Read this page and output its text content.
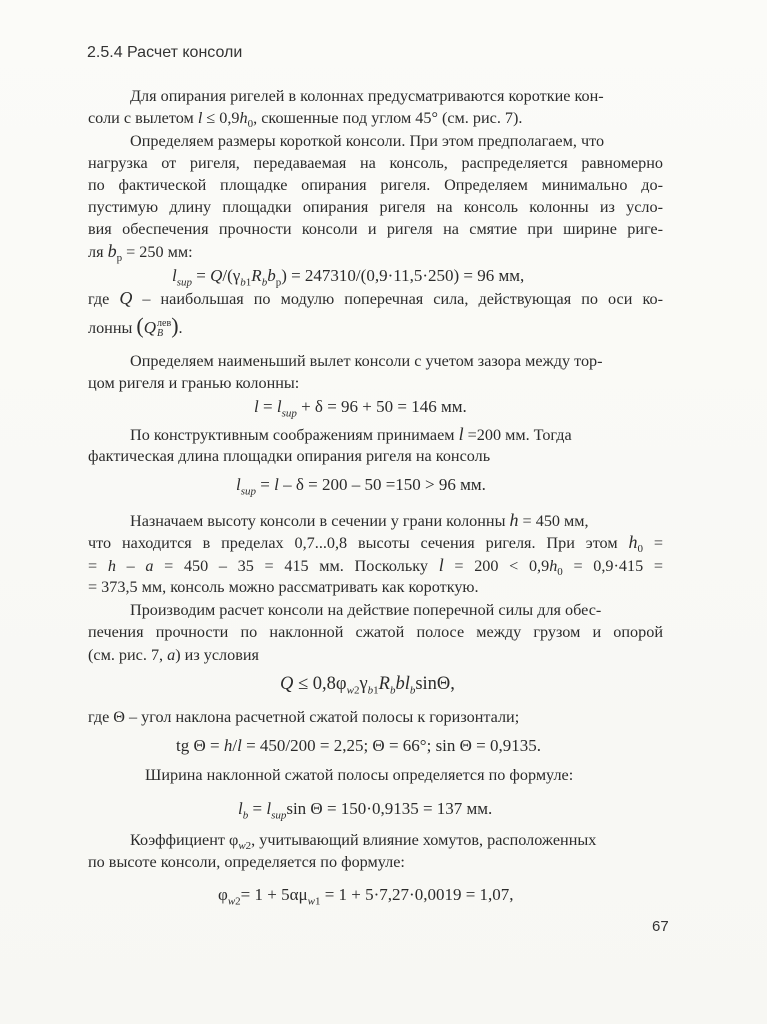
2.5.4 Расчет консоли
Для опирания ригелей в колоннах предусматриваются короткие кон-
соли с вылетом $l \le 0,9h_0$, скошенные под углом 45° (см. рис. 7).
Определяем размеры короткой консоли. При этом предполагаем, что
нагрузка от ригеля, передаваемая на консоль, распределяется равномерно
по фактической площадке опирания ригеля. Определяем минимально до-
пустимую длину площадки опирания ригеля на консоль колонны из усло-
вия обеспечения прочности консоли и ригеля на смятие при ширине риге-
ля $b_р = 250$ мм:
$l_{sup} = Q/(\gamma_{b1}R_bb_р) = 247310/(0,9\cdot 11,5\cdot 250) = 96$ мм,
где Q – наибольшая по модулю поперечная сила, действующая по оси ко-
лонны (Q лев
B ).
Определяем наименьший вылет консоли с учетом зазора между тор-
цом ригеля и гранью колонны:
$l = l_{sup} + \delta = 96 + 50 = 146$ мм.
По конструктивным соображениям принимаем l =200 мм. Тогда
фактическая длина площадки опирания ригеля на консоль
$l_{sup} = l - \delta = 200 - 50 =150 > 96$ мм.
Назначаем высоту консоли в сечении у грани колонны h = 450 мм,
что находится в пределах 0,7...0,8 высоты сечения ригеля. При этом $h_0$ =
= h – a = 450 – 35 = 415 мм. Поскольку $l = 200 < 0,9h_0 = 0,9\cdot 415$ =
= 373,5 мм, консоль можно рассматривать как короткую.
Производим расчет консоли на действие поперечной силы для обес-
печения прочности по наклонной сжатой полосе между грузом и опорой
(см. рис. 7, а) из условия
$Q \le 0,8\varphi_{w2}\gamma_{b1}R_bbl_b\sin\Theta$,
где Θ – угол наклона расчетной сжатой полосы к горизонтали;
tg Θ = h/l = 450/200 = 2,25; Θ = 66°; sin Θ = 0,9135.
Ширина наклонной сжатой полосы определяется по формуле:
$l_b = l_{sup}\sin$ Θ = 150·0,9135 = 137 мм.
Коэффициент $\varphi_{w2}$, учитывающий влияние хомутов, расположенных
по высоте консоли, определяется по формуле:
$\varphi_{w2}= 1 + 5\alpha\mu_{w1} = 1 + 5\cdot 7,27\cdot 0,0019 = 1,07$,
67
